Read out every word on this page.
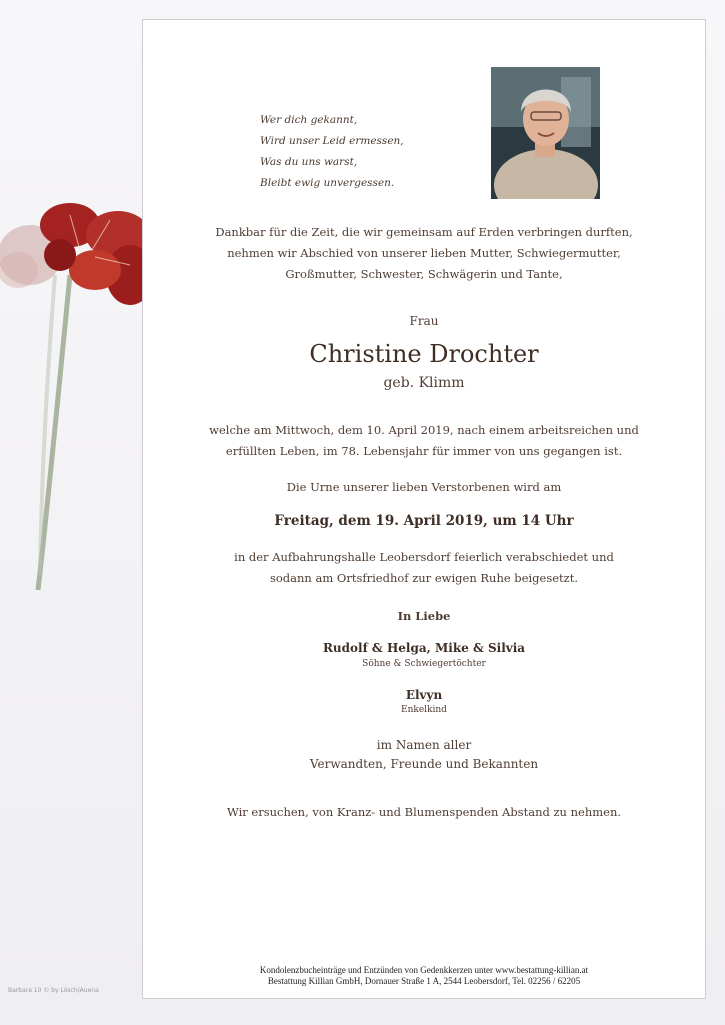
Barbara 10 © by Lösch/Auena
Wer dich gekannt,
Wird unser Leid ermessen,
Was du uns warst,
Bleibt ewig unvergessen.
Dankbar für die Zeit, die wir gemeinsam auf Erden verbringen durften,
nehmen wir Abschied von unserer lieben Mutter, Schwiegermutter,
Großmutter, Schwester, Schwägerin und Tante,
Frau
Christine Drochter
geb. Klimm
welche am Mittwoch, dem 10. April 2019, nach einem arbeitsreichen und
erfüllten Leben, im 78. Lebensjahr für immer von uns gegangen ist.
Die Urne unserer lieben Verstorbenen wird am
Freitag, dem 19. April 2019, um 14 Uhr
in der Aufbahrungshalle Leobersdorf feierlich verabschiedet und
sodann am Ortsfriedhof zur ewigen Ruhe beigesetzt.
In Liebe
Rudolf & Helga, Mike & Silvia
Söhne & Schwiegertöchter
Elvyn
Enkelkind
im Namen aller
Verwandten, Freunde und Bekannten
Wir ersuchen, von Kranz- und Blumenspenden Abstand zu nehmen.
Kondolenzbucheinträge und Entzünden von Gedenkkerzen unter www.bestattung-killian.at
Bestattung Killian GmbH, Dornauer Straße 1 A, 2544 Leobersdorf, Tel. 02256 / 62205
